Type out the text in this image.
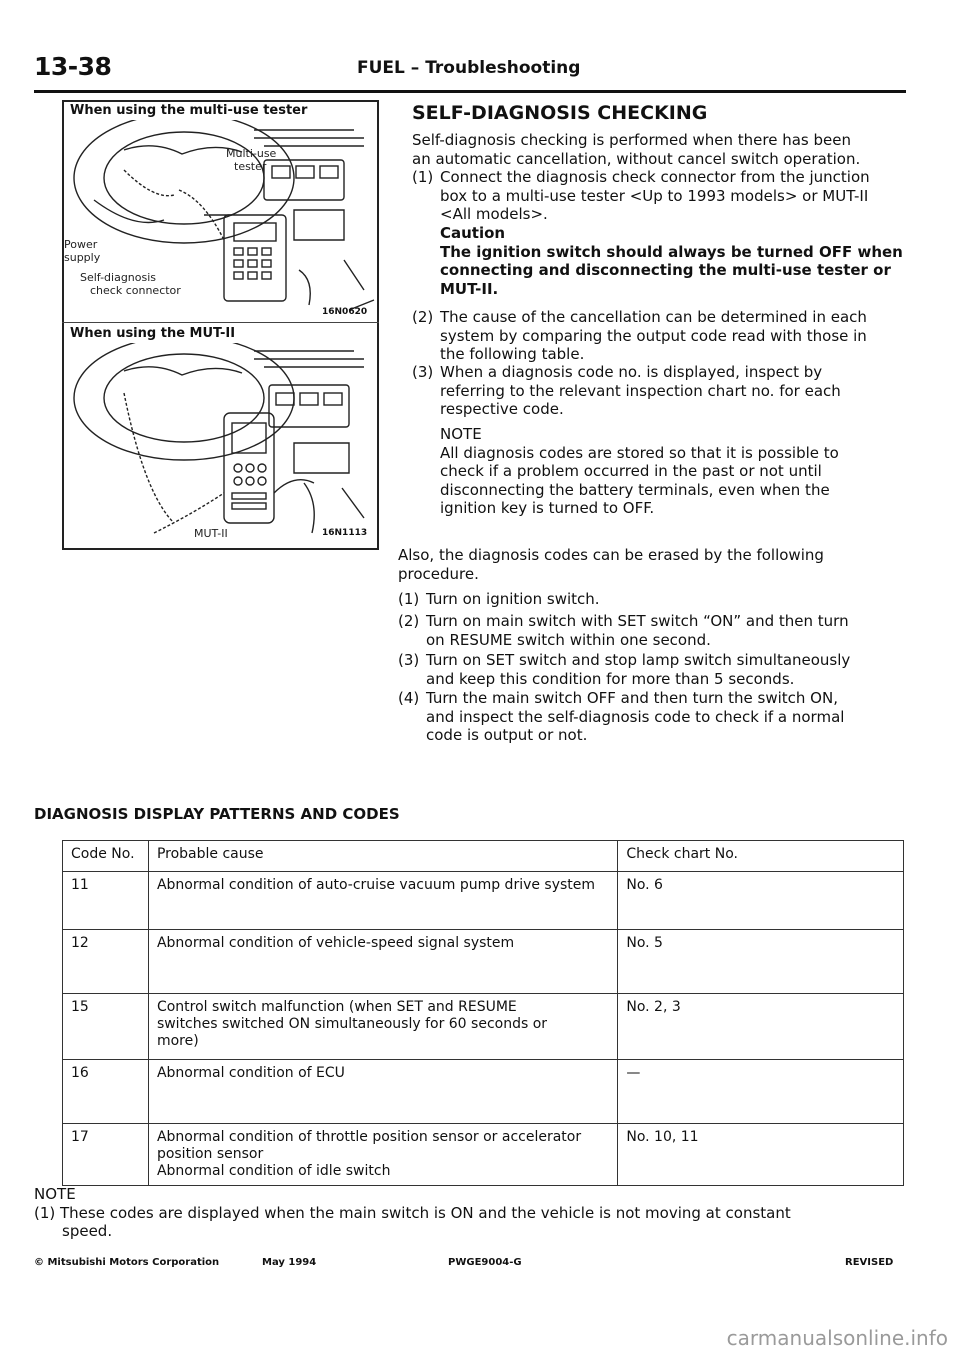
13-38	FUEL – Troubleshooting
When using the multi-use tester
When using the MUT-II
Power
supply
Multi-use
tester
Self-diagnosis
check connector
16N0620
MUT-II	16N1113
SELF-DIAGNOSIS CHECKING
Self-diagnosis checking is performed when there has been
an automatic cancellation, without cancel switch operation.
(1) Connect the diagnosis check connector from the junction
box to a multi-use tester <Up to 1993 models> or MUT-II
<All models>.
Caution
The ignition switch should always be turned OFF when
connecting and disconnecting the multi-use tester or
MUT-II.
(2) The cause of the cancellation can be determined in each
system by comparing the output code read with those in
the following table.
(3) When a diagnosis code no. is displayed, inspect by
referring to the relevant inspection chart no. for each
respective code.
NOTE
All diagnosis codes are stored so that it is possible to
check if a problem occurred in the past or not until
disconnecting the battery terminals, even when the
ignition key is turned to OFF.
Also, the diagnosis codes can be erased by the following
procedure.
(1) Turn on ignition switch.
(2) Turn on main switch with SET switch “ON” and then turn
on RESUME switch within one second.
(3) Turn on SET switch and stop lamp switch simultaneously
and keep this condition for more than 5 seconds.
(4) Turn the main switch OFF and then turn the switch ON,
and inspect the self-diagnosis code to check if a normal
code is output or not.
DIAGNOSIS DISPLAY PATTERNS AND CODES
Code No.	Probable cause	Check chart No.
11	Abnormal condition of auto-cruise vacuum pump drive system	No. 6
12	Abnormal condition of vehicle-speed signal system	No. 5
15	Control switch malfunction (when SET and RESUME
switches switched ON simultaneously for 60 seconds or
more)	No. 2, 3
16	Abnormal condition of ECU	—
17	Abnormal condition of throttle position sensor or accelerator
position sensor
Abnormal condition of idle switch	No. 10, 11
NOTE
(1) These codes are displayed when the main switch is ON and the vehicle is not moving at constant
speed.
© Mitsubishi Motors Corporation	May 1994	PWGE9004-G	REVISED
carmanualsonline.info
